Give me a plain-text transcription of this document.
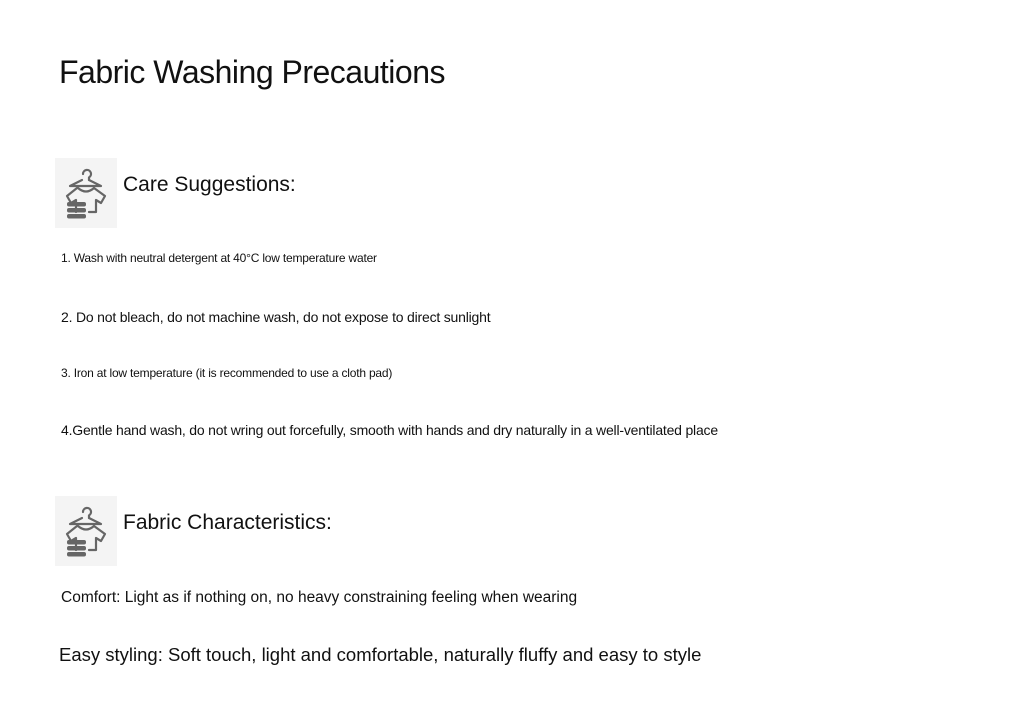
Fabric Washing Precautions
Care Suggestions:
1. Wash with neutral detergent at 40°C low temperature water
2. Do not bleach, do not machine wash, do not expose to direct sunlight
3. Iron at low temperature (it is recommended to use a cloth pad)
4.Gentle hand wash, do not wring out forcefully, smooth with hands and dry naturally in a well-ventilated place
Fabric Characteristics:
Comfort: Light as if nothing on, no heavy constraining feeling when wearing
Easy styling: Soft touch, light and comfortable, naturally fluffy and easy to style
